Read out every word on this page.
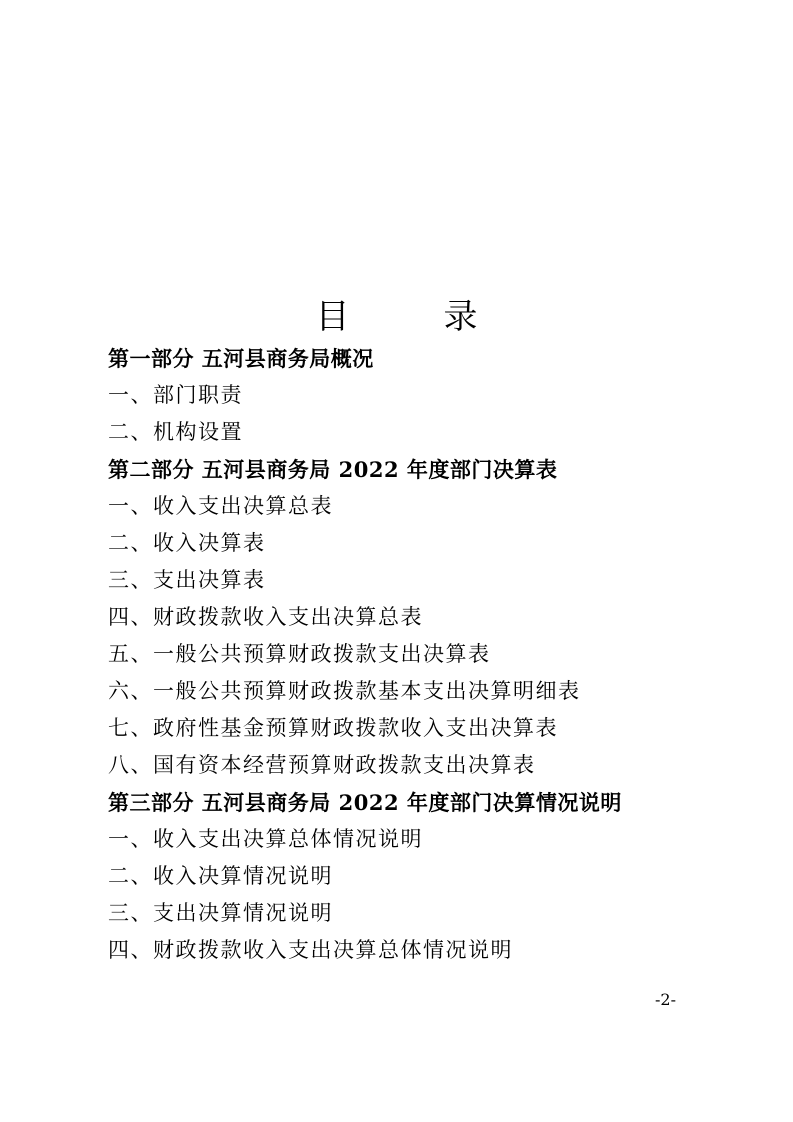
目　录
第一部分 五河县商务局概况
一、部门职责
二、机构设置
第二部分 五河县商务局 2022 年度部门决算表
一、收入支出决算总表
二、收入决算表
三、支出决算表
四、财政拨款收入支出决算总表
五、一般公共预算财政拨款支出决算表
六、一般公共预算财政拨款基本支出决算明细表
七、政府性基金预算财政拨款收入支出决算表
八、国有资本经营预算财政拨款支出决算表
第三部分 五河县商务局 2022 年度部门决算情况说明
一、收入支出决算总体情况说明
二、收入决算情况说明
三、支出决算情况说明
四、财政拨款收入支出决算总体情况说明
-2-
